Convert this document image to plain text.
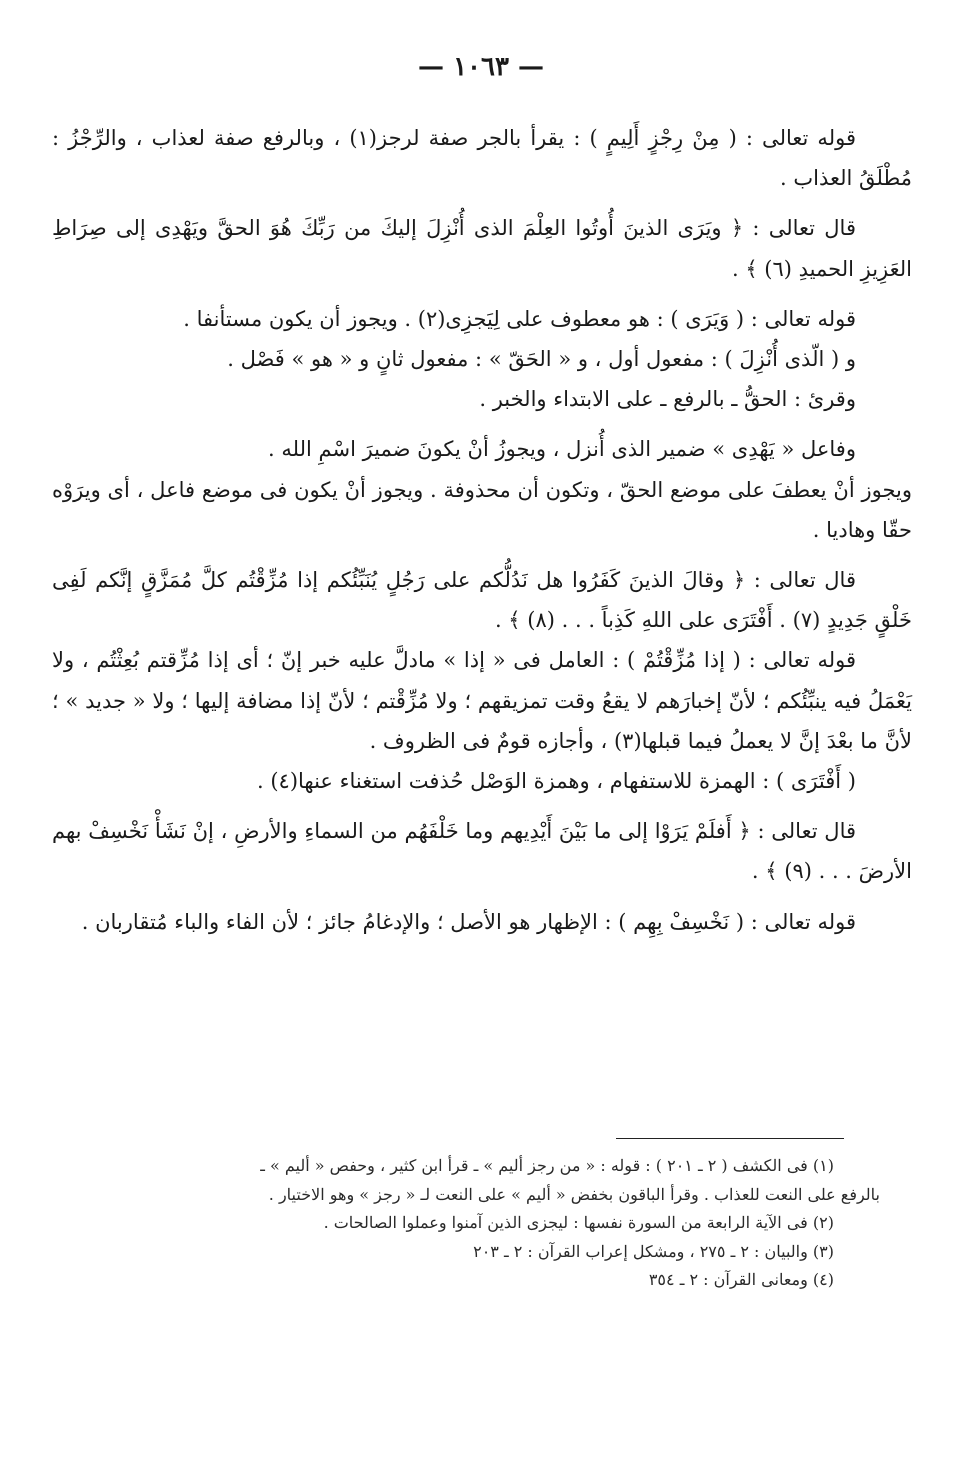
— ١٠٦٣ —

قوله تعالى : ( مِنْ رِجْزٍ أَلِيمٍ ) : يقرأ بالجر صفة لرجز(١) ، وبالرفع صفة لعذاب ، والرِّجْزُ : مُطْلَقُ العذاب .

قال تعالى : ﴿ ويَرَى الذينَ أُوتُوا العِلْمَ الذى أُنْزِلَ إليكَ من رَبِّكَ هُوَ الحقَّ ويَهْدِى إلى صِرَاطِ العَزِيزِ الحميدِ (٦) ﴾ .

قوله تعالى : ( وَيَرَى ) : هو معطوف على لِيَجزِى(٢) . ويجوز أن يكون مستأنفا .

و ( الّذى أُنْزِلَ ) : مفعول أول ، و « الحَقّ » : مفعول ثانٍ و « هو » فَصْل .

وقرئ : الحقُّ ـ بالرفع ـ على الابتداء والخبر .

وفاعل « يَهْدِى » ضمير الذى أُنزل ، ويجوزُ أنْ يكونَ ضميرَ اسْمِ الله .

ويجوز أنْ يعطفَ على موضع الحقّ ، وتكون أن محذوفة . ويجوز أنْ يكون فى موضع فاعل ، أى ويرَوْه حقّا وهاديا .

قال تعالى : ﴿ وقالَ الذينَ كَفَرُوا هل نَدُلُّكم على رَجُلٍ يُنَبِّئُكم إذا مُزِّقْتُم كلَّ مُمَزَّقٍ إنَّكم لَفِى خَلْقٍ جَدِيدٍ (٧) . أَفْتَرَى على اللهِ كَذِباً . . . (٨) ﴾ .

قوله تعالى : ( إذا مُزِّقْتُمْ ) : العامل فى « إذا » مادلَّ عليه خبر إنّ ؛ أى إذا مُزِّقتم بُعِثْتُم ، ولا يَعْمَلُ فيه ينبِّئُكم ؛ لأنّ إخبارَهم لا يقعُ وقت تمزيقهم ؛ ولا مُزِّقْتم ؛ لأنّ إذا مضافة إليها ؛ ولا « جديد » ؛ لأنَّ ما بعْدَ إنَّ لا يعملُ فيما قبلها(٣) ، وأجازه قومٌ فى الظروف .

( أَفْتَرَى ) : الهمزة للاستفهام ، وهمزة الوَصْل حُذفت استغناء عنها(٤) .

قال تعالى : ﴿ أَفلَمْ يَرَوْا إلى ما بَيْنَ أَيْدِيهم وما خَلْفَهُم من السماءِ والأرضِ ، إنْ نَشَأْ نَخْسِفْ بهم الأرضَ . . . (٩) ﴾ .

قوله تعالى : ( نَخْسِفْ بِهِم ) : الإظهار هو الأصل ؛ والإدغامُ جائز ؛ لأن الفاء والباء مُتقاربان .

(١) فى الكشف ( ٢ ـ ٢٠١ ) : قوله : « من رجز أليم » ـ قرأ ابن كثير ، وحفص « أليم » ـ

بالرفع على النعت للعذاب . وقرأ الباقون بخفض « أليم » على النعت لـ « رجز » وهو الاختيار .

(٢) فى الآية الرابعة من السورة نفسها : ليجزى الذين آمنوا وعملوا الصالحات .

(٣) والبيان : ٢ ـ ٢٧٥ ، ومشكل إعراب القرآن : ٢ ـ ٢٠٣

(٤) ومعانى القرآن : ٢ ـ ٣٥٤
